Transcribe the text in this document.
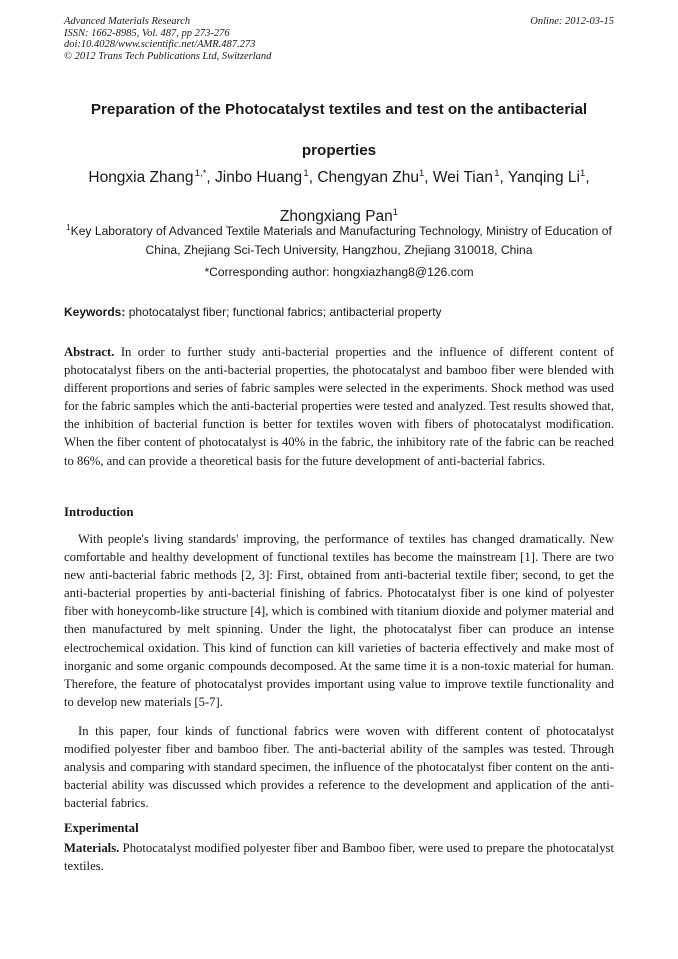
Advanced Materials Research
ISSN: 1662-8985, Vol. 487, pp 273-276
doi:10.4028/www.scientific.net/AMR.487.273
© 2012 Trans Tech Publications Ltd, Switzerland
Online: 2012-03-15
Preparation of the Photocatalyst textiles and test on the antibacterial properties
Hongxia Zhang $^{1,*}$, Jinbo Huang $^1$, Chengyan Zhu$^1$, Wei Tian $^1$, Yanqing Li$^1$, Zhongxiang Pan$^1$
$^1$Key Laboratory of Advanced Textile Materials and Manufacturing Technology, Ministry of Education of China, Zhejiang Sci-Tech University, Hangzhou, Zhejiang 310018, China
*Corresponding author: hongxiazhang8@126.com
Keywords: photocatalyst fiber; functional fabrics; antibacterial property
Abstract. In order to further study anti-bacterial properties and the influence of different content of photocatalyst fibers on the anti-bacterial properties, the photocatalyst and bamboo fiber were blended with different proportions and series of fabric samples were selected in the experiments. Shock method was used for the fabric samples which the anti-bacterial properties were tested and analyzed. Test results showed that, the inhibition of bacterial function is better for textiles woven with fibers of photocatalyst modification. When the fiber content of photocatalyst is 40% in the fabric, the inhibitory rate of the fabric can be reached to 86%, and can provide a theoretical basis for the future development of anti-bacterial fabrics.
Introduction
With people's living standards' improving, the performance of textiles has changed dramatically. New comfortable and healthy development of functional textiles has become the mainstream [1]. There are two new anti-bacterial fabric methods [2, 3]: First, obtained from anti-bacterial textile fiber; second, to get the anti-bacterial properties by anti-bacterial finishing of fabrics. Photocatalyst fiber is one kind of polyester fiber with honeycomb-like structure [4], which is combined with titanium dioxide and polymer material and then manufactured by melt spinning. Under the light, the photocatalyst fiber can produce an intense electrochemical oxidation. This kind of function can kill varieties of bacteria effectively and make most of inorganic and some organic compounds decomposed. At the same time it is a non-toxic material for human. Therefore, the feature of photocatalyst provides important using value to improve textile functionality and to develop new materials [5-7].
In this paper, four kinds of functional fabrics were woven with different content of photocatalyst modified polyester fiber and bamboo fiber. The anti-bacterial ability of the samples was tested. Through analysis and comparing with standard specimen, the influence of the photocatalyst fiber content on the anti-bacterial ability was discussed which provides a reference to the development and application of the anti-bacterial fabrics.
Experimental
Materials. Photocatalyst modified polyester fiber and Bamboo fiber, were used to prepare the photocatalyst textiles.
